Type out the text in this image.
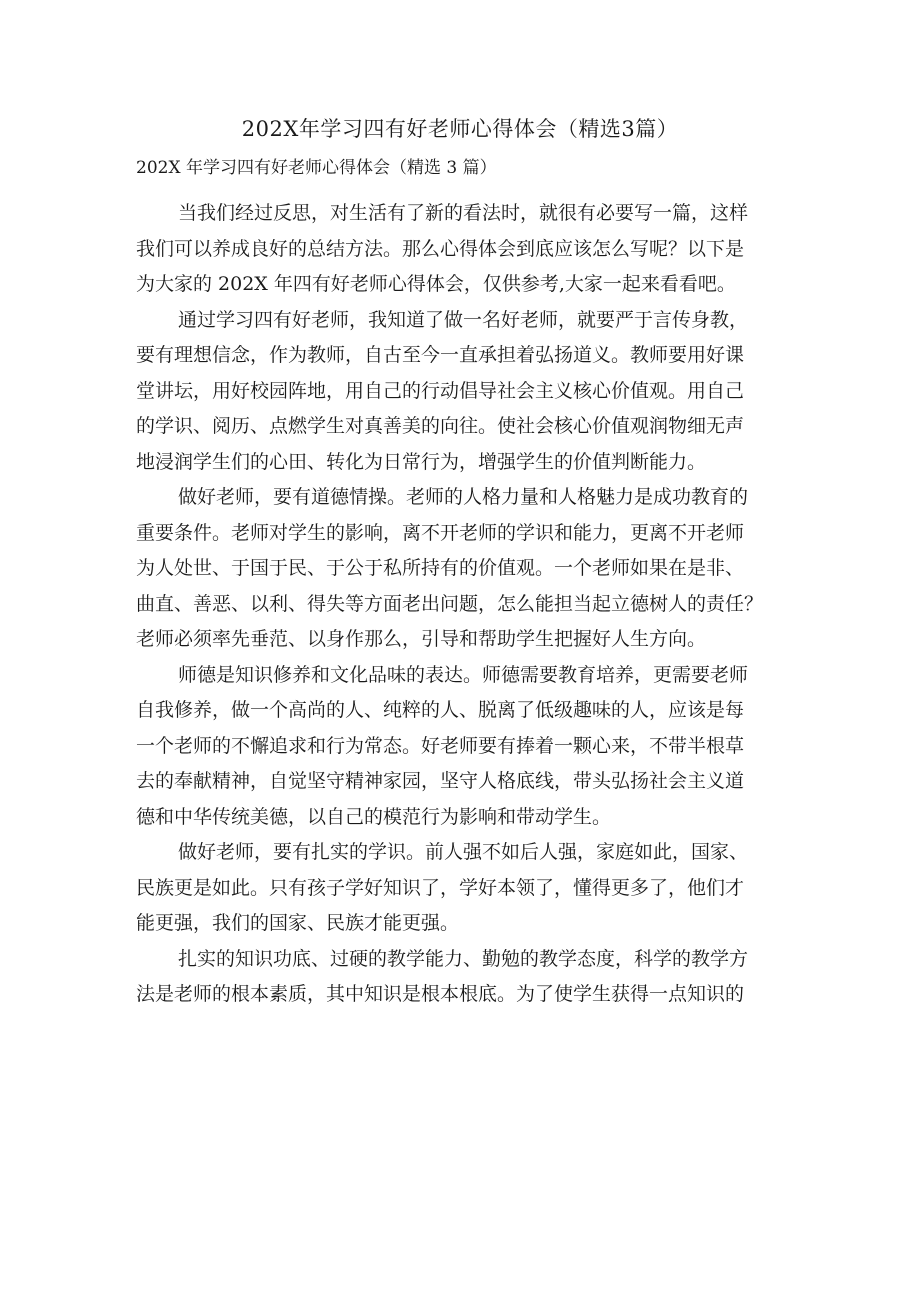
202X年学习四有好老师心得体会（精选3篇）
202X 年学习四有好老师心得体会（精选 3 篇）
当我们经过反思，对生活有了新的看法时，就很有必要写一篇，这样
我们可以养成良好的总结方法。那么心得体会到底应该怎么写呢？以下是
为大家的 202X 年四有好老师心得体会，仅供参考,大家一起来看看吧。
通过学习四有好老师，我知道了做一名好老师，就要严于言传身教，
要有理想信念，作为教师，自古至今一直承担着弘扬道义。教师要用好课
堂讲坛，用好校园阵地，用自己的行动倡导社会主义核心价值观。用自己
的学识、阅历、点燃学生对真善美的向往。使社会核心价值观润物细无声
地浸润学生们的心田、转化为日常行为，增强学生的价值判断能力。
做好老师，要有道德情操。老师的人格力量和人格魅力是成功教育的
重要条件。老师对学生的影响，离不开老师的学识和能力，更离不开老师
为人处世、于国于民、于公于私所持有的价值观。一个老师如果在是非、
曲直、善恶、以利、得失等方面老出问题，怎么能担当起立德树人的责任？
老师必须率先垂范、以身作那么，引导和帮助学生把握好人生方向。
师德是知识修养和文化品味的表达。师德需要教育培养，更需要老师
自我修养，做一个高尚的人、纯粹的人、脱离了低级趣味的人，应该是每
一个老师的不懈追求和行为常态。好老师要有捧着一颗心来，不带半根草
去的奉献精神，自觉坚守精神家园，坚守人格底线，带头弘扬社会主义道
德和中华传统美德，以自己的模范行为影响和带动学生。
做好老师，要有扎实的学识。前人强不如后人强，家庭如此，国家、
民族更是如此。只有孩子学好知识了，学好本领了，懂得更多了，他们才
能更强，我们的国家、民族才能更强。
扎实的知识功底、过硬的教学能力、勤勉的教学态度，科学的教学方
法是老师的根本素质，其中知识是根本根底。为了使学生获得一点知识的
